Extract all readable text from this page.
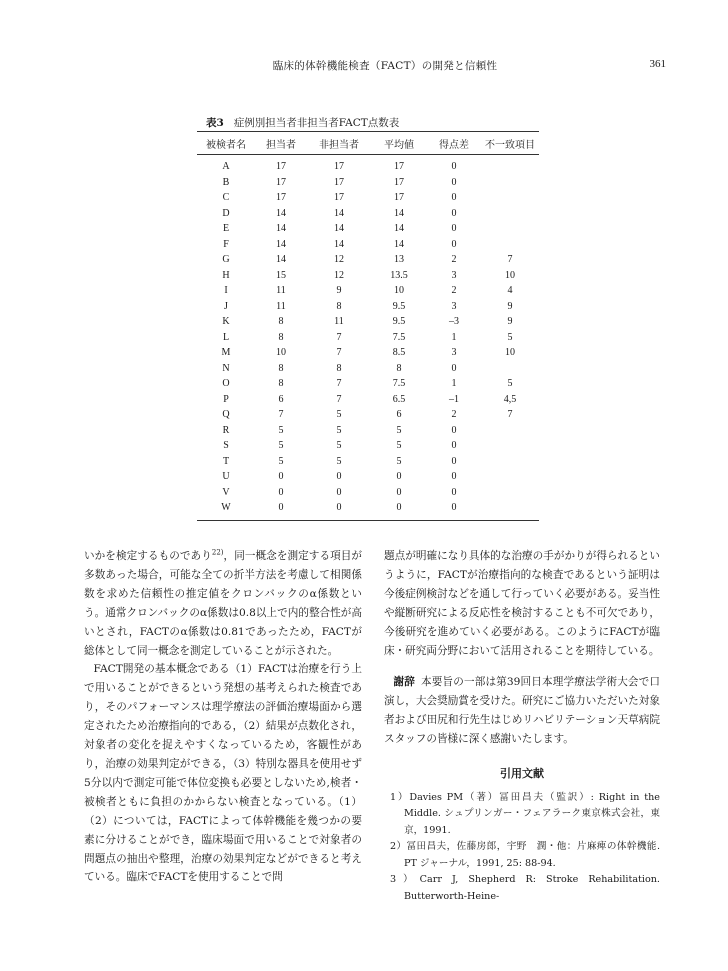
臨床的体幹機能検査（FACT）の開発と信頼性	361
表3 症例別担当者非担当者FACT点数表
被検者名	担当者	非担当者	平均値	得点差	不一致項目
A	17	17	17	0	
B	17	17	17	0	
C	17	17	17	0	
D	14	14	14	0	
E	14	14	14	0	
F	14	14	14	0	
G	14	12	13	2	7
H	15	12	13.5	3	10
I	11	9	10	2	4
J	11	8	9.5	3	9
K	8	11	9.5	–3	9
L	8	7	7.5	1	5
M	10	7	8.5	3	10
N	8	8	8	0	
O	8	7	7.5	1	5
P	6	7	6.5	–1	4,5
Q	7	5	6	2	7
R	5	5	5	0	
S	5	5	5	0	
T	5	5	5	0	
U	0	0	0	0	
V	0	0	0	0	
W	0	0	0	0	

いかを検定するものであり$^{22)}$，同一概念を測定する項目が多数あった場合，可能な全ての折半方法を考慮して相関係数を求めた信頼性の推定値をクロンバックのα係数という。通常クロンバックのα係数は0.8以上で内的整合性が高いとされ，FACTのα係数は0.81であったため，FACTが総体として同一概念を測定していることが示された。

FACT開発の基本概念である（1）FACTは治療を行う上で用いることができるという発想の基考えられた検査であり，そのパフォーマンスは理学療法の評価治療場面から選定されたため治療指向的である，（2）結果が点数化され，対象者の変化を捉えやすくなっているため，客観性があり，治療の効果判定ができる，（3）特別な器具を使用せず5分以内で測定可能で体位変換も必要としないため,検者・被検者ともに負担のかからない検査となっている。（1）（2）については，FACTによって体幹機能を幾つかの要素に分けることができ，臨床場面で用いることで対象者の問題点の抽出や整理，治療の効果判定などができると考えている。臨床でFACTを使用することで問

題点が明確になり具体的な治療の手がかりが得られるというように，FACTが治療指向的な検査であるという証明は今後症例検討などを通して行っていく必要がある。妥当性や縦断研究による反応性を検討することも不可欠であり，今後研究を進めていく必要がある。このようにFACTが臨床・研究両分野において活用されることを期待している。

謝辞 本要旨の一部は第39回日本理学療法学術大会で口演し，大会奨励賞を受けた。研究にご協力いただいた対象者および田尻和行先生はじめリハビリテーション天草病院スタッフの皆様に深く感謝いたします。

引用文献
1）Davies PM（著）冨田昌夫（監訳）: Right in the Middle. シュプリンガー・フェアラーク東京株式会社，東京，1991.
2）冨田昌夫，佐藤房郎，宇野　潤・他：片麻痺の体幹機能. PT ジャーナル，1991, 25: 88-94.
3）Carr J, Shepherd R: Stroke Rehabilitation. Butterworth-Heine-
